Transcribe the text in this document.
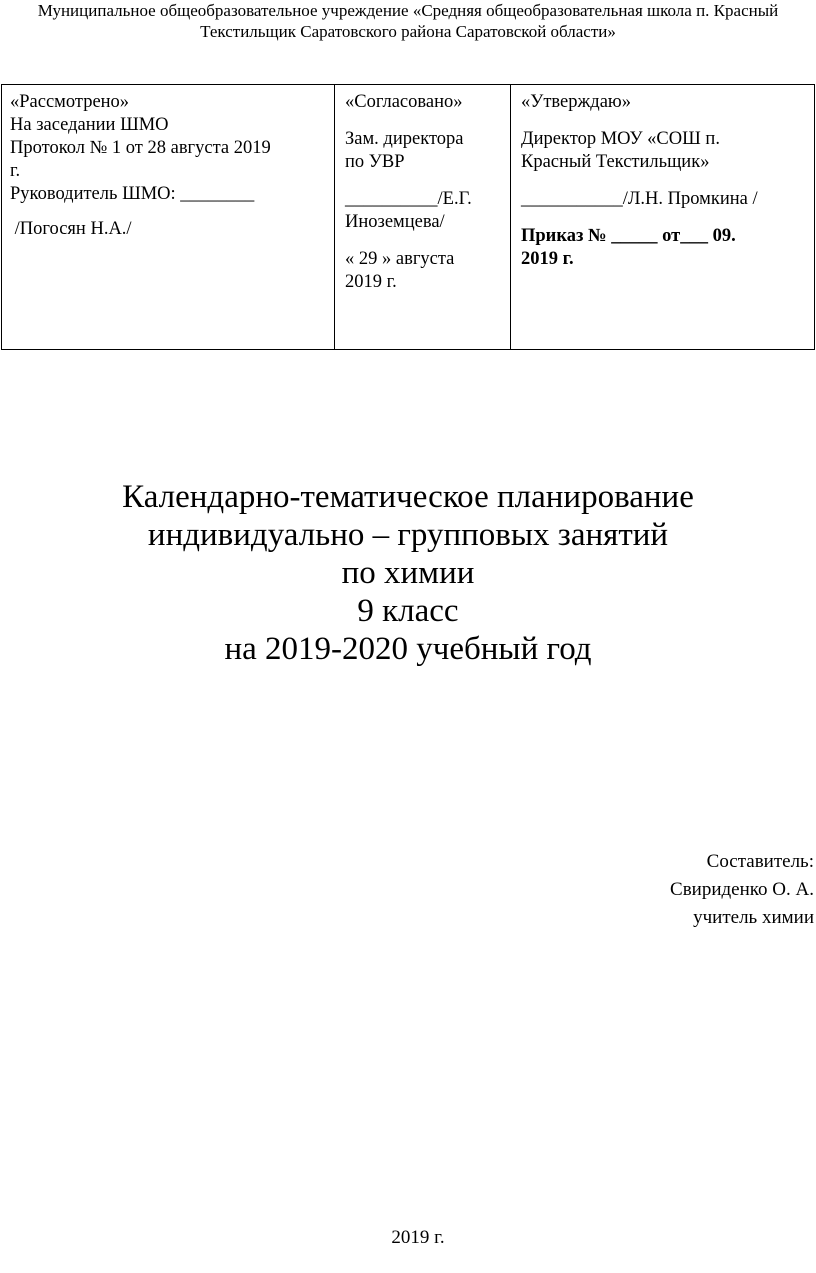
Муниципальное общеобразовательное учреждение «Средняя общеобразовательная школа п. Красный
Текстильщик Саратовского района Саратовской области»
«Рассмотрено»
На заседании ШМО
Протокол № 1 от 28 августа 2019
г.
Руководитель ШМО: ________
/Погосян Н.А./
«Согласовано»
Зам. директора
по УВР
__________/Е.Г.
Иноземцева/
« 29 » августа
2019 г.
«Утверждаю»
Директор МОУ «СОШ п.
Красный Текстильщик»
___________/Л.Н. Промкина /
Приказ № _____ от___ 09.
2019 г.
Календарно-тематическое планирование
индивидуально – групповых занятий
по химии
9 класс
на 2019-2020 учебный год
Составитель:
Свириденко О. А.
учитель химии
2019 г.
